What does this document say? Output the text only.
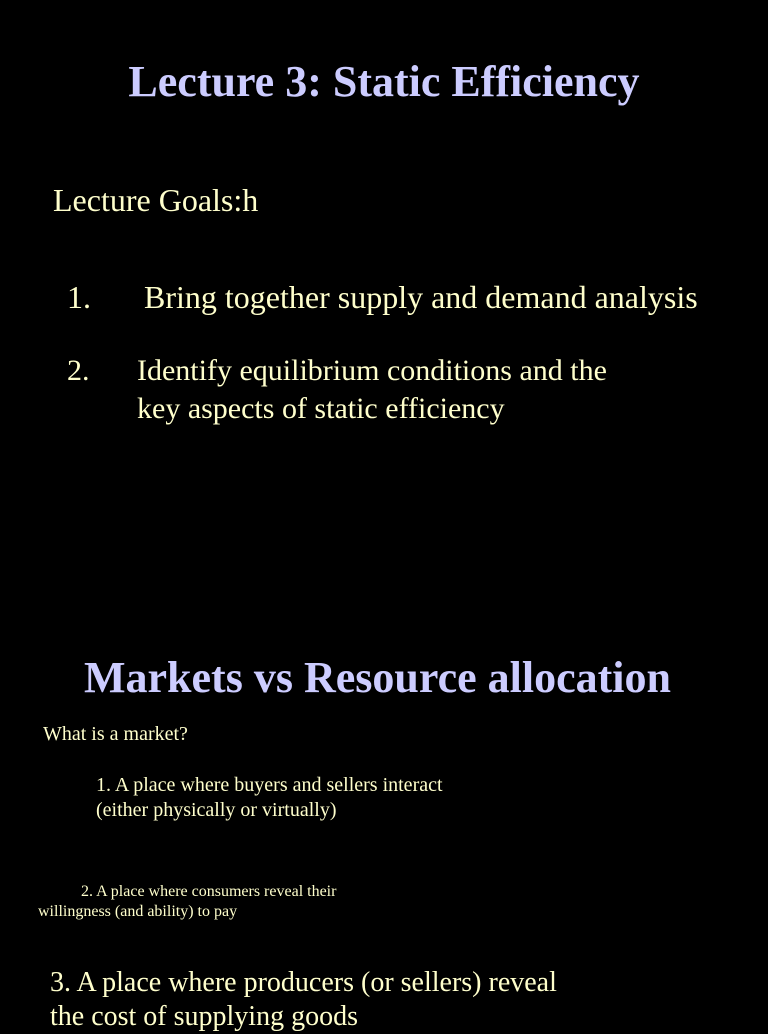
Lecture 3: Static Efficiency
Lecture Goals:h
1. Bring together supply and demand analysis
2. Identify equilibrium conditions and the
key aspects of static efficiency
Markets vs Resource allocation
What is a market?
1. A place where buyers and sellers interact
(either physically or virtually)
2. A place where consumers reveal their
willingness (and ability) to pay
3. A place where producers (or sellers) reveal
the cost of supplying goods
